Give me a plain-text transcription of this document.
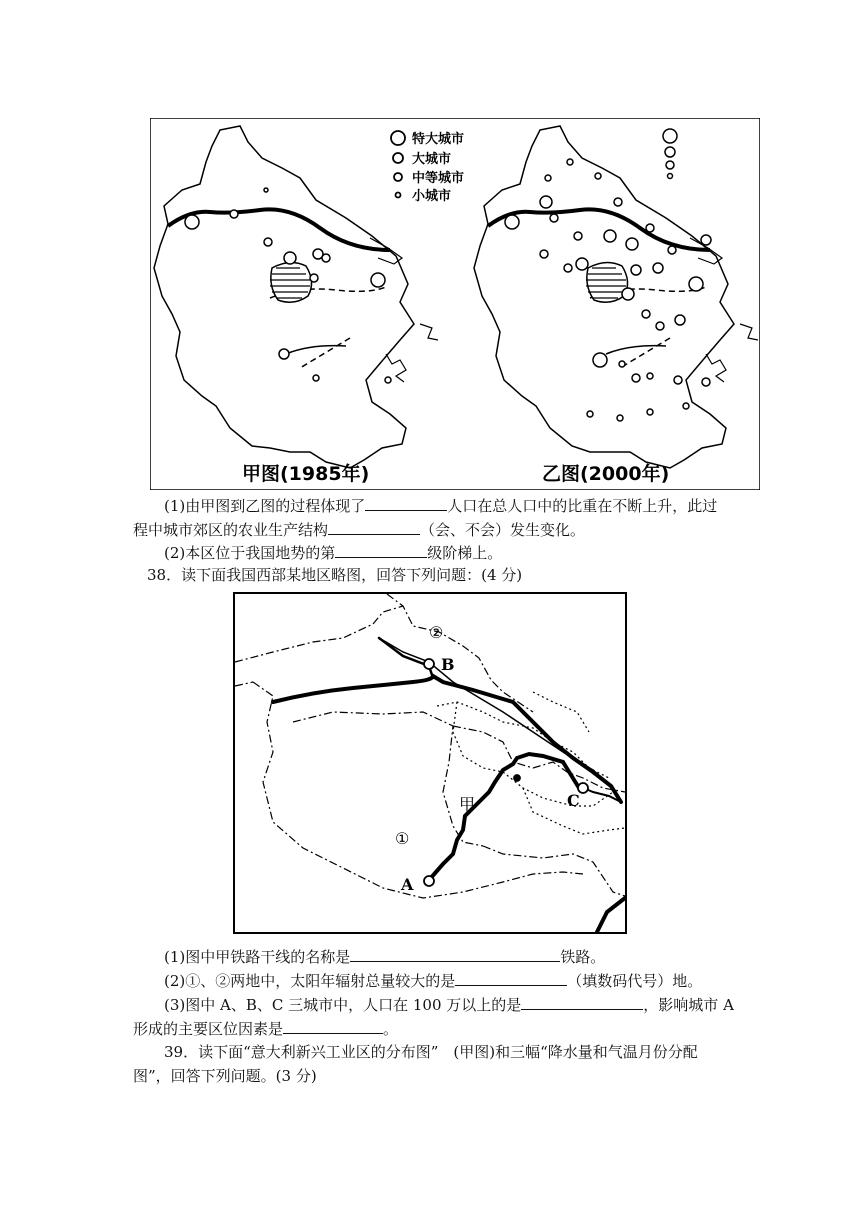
特大城市
大城市
中等城市
小城市
甲图(1985年)	乙图(2000年)
(1)由甲图到乙图的过程体现了	人口在总人口中的比重在不断上升，此过
程中城市郊区的农业生产结构	（会、不会）发生变化。
(2)本区位于我国地势的第	级阶梯上。
38．读下面我国西部某地区略图，回答下列问题：(4 分)
②
B
甲	C
①
A
(1)图中甲铁路干线的名称是	铁路。
(2)①、②两地中，太阳年辐射总量较大的是	（填数码代号）地。
(3)图中 A、B、C 三城市中，人口在 100 万以上的是	，影响城市 A
形成的主要区位因素是	。
39．读下面“意大利新兴工业区的分布图”　(甲图)和三幅“降水量和气温月份分配
图”，回答下列问题。(3 分)
